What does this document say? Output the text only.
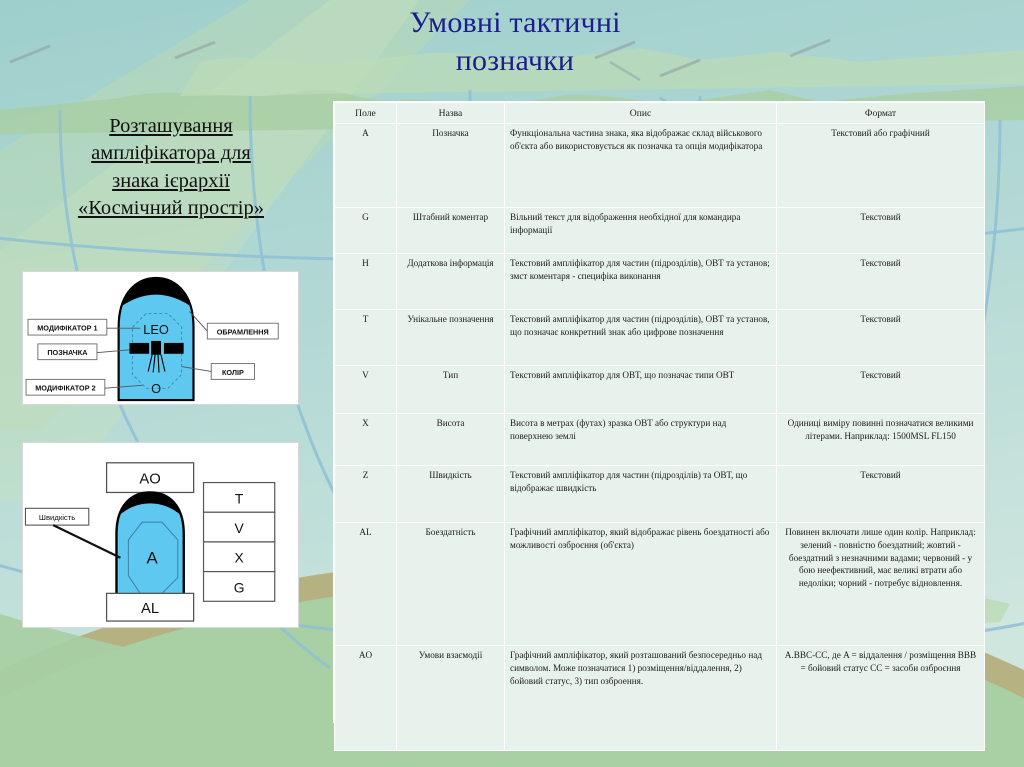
Умовні тактичні
позначки
Розташування
ампліфікатора для
знака ієрархії
«Космічний простір»
LEO
O
МОДИФІКАТОР 1
ПОЗНАЧКА
МОДИФІКАТОР 2
ОБРАМЛЕННЯ
КОЛІР
AO
A
AL
Швидкість
T
V
X
G
Поле	Назва	Опис	Формат
A	Позначка	Функціональна частина знака, яка відображає склад військового об'єкта або використовується як позначка та опція модифікатора	Текстовий або графічний
G	Штабний коментар	Вільний текст для відображення необхідної для командира інформації	Текстовий
H	Додаткова інформація	Текстовий ампліфікатор для частин (підрозділів), ОВТ та установ; змст коментаря - специфіка виконання	Текстовий
T	Унікальне позначення	Текстовий ампліфікатор для частин (підрозділів), ОВТ та установ, що позначає конкретний знак або цифрове позначення	Текстовий
V	Тип	Текстовий ампліфікатор для ОВТ, що позначає типи ОВТ	Текстовий
X	Висота	Висота в метрах (футах) зразка ОВТ або структури над поверхнею землі	Одиниці виміру повинні позначатися великими літерами. Наприклад: 1500MSL FL150
Z	Швидкість	Текстовий ампліфікатор для частин (підрозділів) та ОВТ, що відображає швидкість	Текстовий
AL	Боездатність	Графічний ампліфікатор, який відображає рівень боездатності або можливості озброєння (об'єкта)	Повинен включати лише один колір. Наприклад: зелений - повністю боездатний; жовтий - боездатний з незначними вадами; червоний - у бою неефективний, має великі втрати або недоліки; чорний - потребує відновлення.
AO	Умови взаємодії	Графічний ампліфікатор, який розташований безпосередньо над символом. Може позначатися 1) розміщення/віддалення, 2) бойовий статус, 3) тип озброення.	A.BBC-CC, де A = віддалення / розміщення BBB = бойовий статус CC = засоби озброєння
